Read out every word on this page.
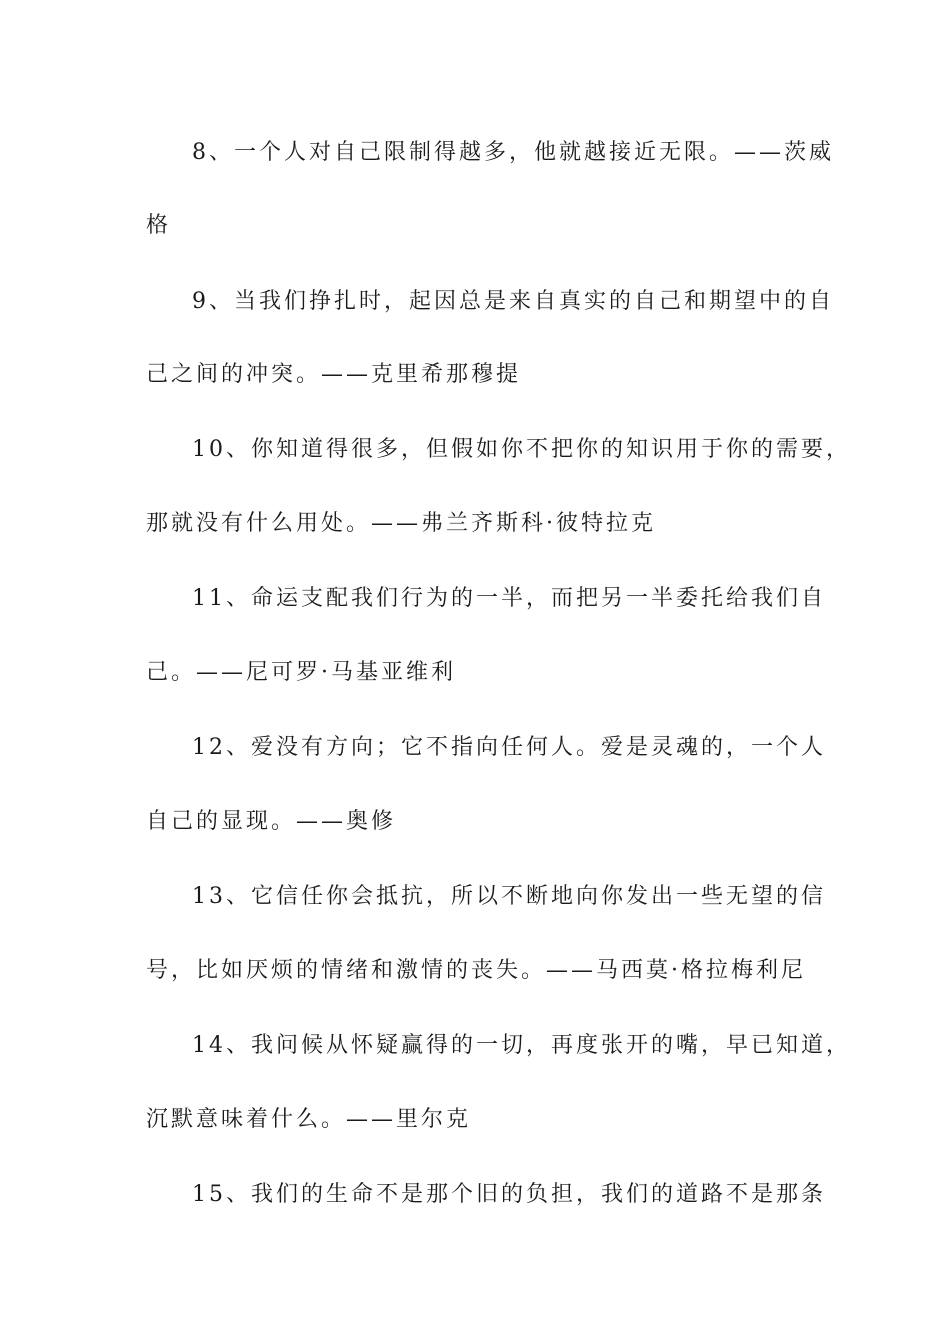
8、一个人对自己限制得越多，他就越接近无限。——茨威
格
9、当我们挣扎时，起因总是来自真实的自己和期望中的自
己之间的冲突。——克里希那穆提
10、你知道得很多，但假如你不把你的知识用于你的需要，
那就没有什么用处。——弗兰齐斯科·彼特拉克
11、命运支配我们行为的一半，而把另一半委托给我们自
己。——尼可罗·马基亚维利
12、爱没有方向；它不指向任何人。爱是灵魂的，一个人
自己的显现。——奥修
13、它信任你会抵抗，所以不断地向你发出一些无望的信
号，比如厌烦的情绪和激情的丧失。——马西莫·格拉梅利尼
14、我问候从怀疑赢得的一切，再度张开的嘴，早已知道，
沉默意味着什么。——里尔克
15、我们的生命不是那个旧的负担，我们的道路不是那条
